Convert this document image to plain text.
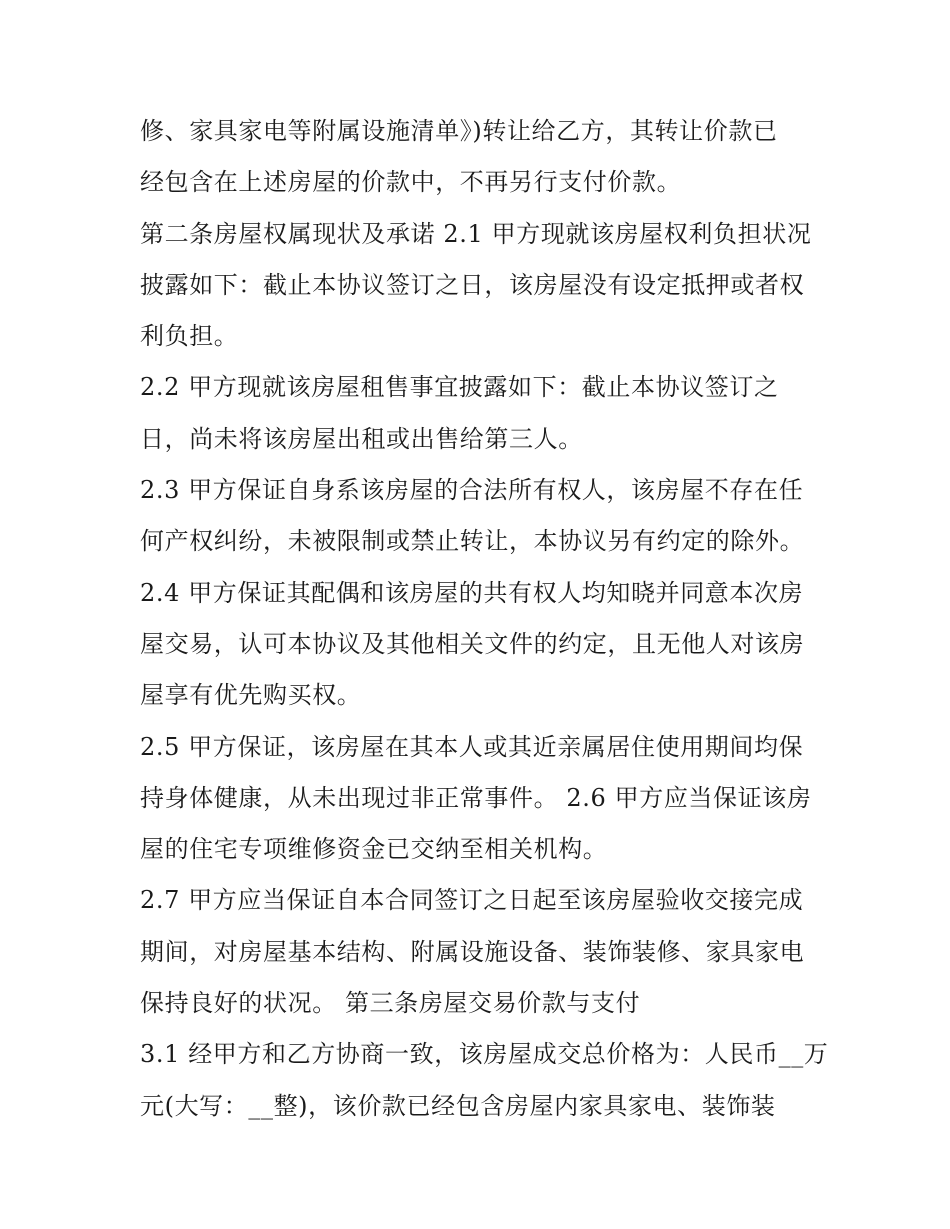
修、家具家电等附属设施清单》)转让给乙方，其转让价款已
经包含在上述房屋的价款中，不再另行支付价款。
第二条房屋权属现状及承诺 2.1 甲方现就该房屋权利负担状况
披露如下：截止本协议签订之日，该房屋没有设定抵押或者权
利负担。
2.2 甲方现就该房屋租售事宜披露如下：截止本协议签订之
日，尚未将该房屋出租或出售给第三人。
2.3 甲方保证自身系该房屋的合法所有权人，该房屋不存在任
何产权纠纷，未被限制或禁止转让，本协议另有约定的除外。
2.4 甲方保证其配偶和该房屋的共有权人均知晓并同意本次房
屋交易，认可本协议及其他相关文件的约定，且无他人对该房
屋享有优先购买权。
2.5 甲方保证，该房屋在其本人或其近亲属居住使用期间均保
持身体健康，从未出现过非正常事件。 2.6 甲方应当保证该房
屋的住宅专项维修资金已交纳至相关机构。
2.7 甲方应当保证自本合同签订之日起至该房屋验收交接完成
期间，对房屋基本结构、附属设施设备、装饰装修、家具家电
保持良好的状况。 第三条房屋交易价款与支付
3.1 经甲方和乙方协商一致，该房屋成交总价格为：人民币__万
元(大写：__整)，该价款已经包含房屋内家具家电、装饰装
